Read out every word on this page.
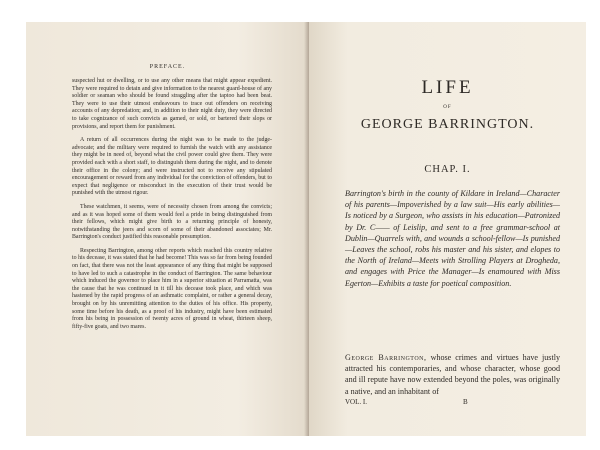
PREFACE.

suspected hut or dwelling, or to use any other means that might appear expedient. They were required to detain and give information to the nearest guard-house of any soldier or seaman who should be found straggling after the taptoo had been beat. They were to use their utmost endeavours to trace out offenders on receiving accounts of any depredation; and, in addition to their night duty, they were directed to take cognizance of such convicts as gamed, or sold, or bartered their slops or provisions, and report them for punishment.

A return of all occurrences during the night was to be made to the judge-advocate; and the military were required to furnish the watch with any assistance they might be in need of, beyond what the civil power could give them. They were provided each with a short staff, to distinguish them during the night, and to denote their office in the colony; and were instructed not to receive any stipulated encouragement or reward from any individual for the conviction of offenders, but to expect that negligence or misconduct in the execution of their trust would be punished with the utmost rigour.

These watchmen, it seems, were of necessity chosen from among the convicts; and as it was hoped some of them would feel a pride in being distinguished from their fellows, which might give birth to a returning principle of honesty, notwithstanding the jeers and scorn of some of their abandoned associates; Mr. Barrington's conduct justified this reasonable presumption.

Respecting Barrington, among other reports which reached this country relative to his decease, it was stated that he had become! This was so far from being founded on fact, that there was not the least appearance of any thing that might be supposed to have led to such a catastrophe in the conduct of Barrington. The same behaviour which induced the governor to place him in a superior situation at Parramatta, was the cause that he was continued in it till his decease took place, and which was hastened by the rapid progress of an asthmatic complaint, or rather a general decay, brought on by his unremitting attention to the duties of his office. His property, some time before his death, as a proof of his industry, might have been estimated from his being in possession of twenty acres of ground in wheat, thirteen sheep, fifty-five goats, and two mares.

LIFE
OF
GEORGE BARRINGTON.
CHAP. I.
Barrington's birth in the county of Kildare in Ireland—Character of his parents—Impoverished by a law suit—His early abilities—Is noticed by a Surgeon, who assists in his education—Patronized by Dr. C—— of Leislip, and sent to a free grammar-school at Dublin—Quarrels with, and wounds a school-fellow—Is punished—Leaves the school, robs his master and his sister, and elopes to the North of Ireland—Meets with Strolling Players at Drogheda, and engages with Price the Manager—Is enamoured with Miss Egerton—Exhibits a taste for poetical composition.
George Barrington, whose crimes and virtues have justly attracted his contemporaries, and whose character, whose good and ill repute have now extended beyond the poles, was originally a native, and an inhabitant of
VOL. I.	B
